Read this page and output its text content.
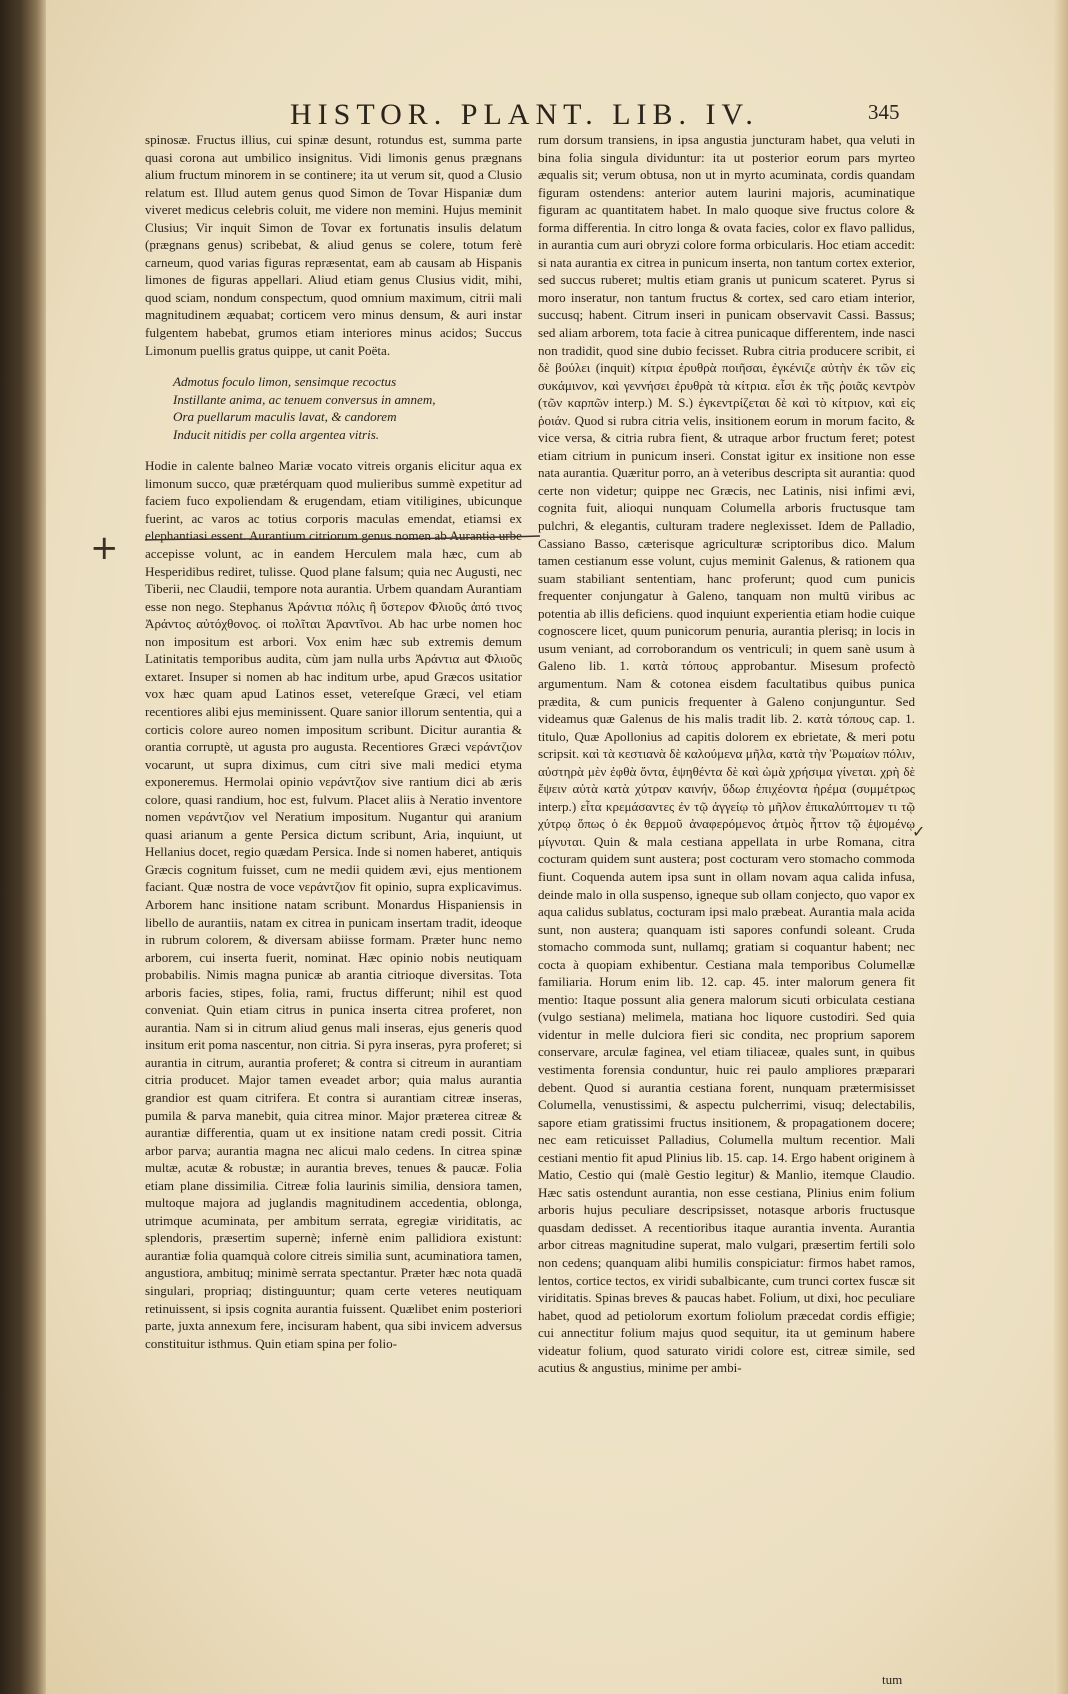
HISTOR. PLANT. LIB. IV.	345

spinosæ. Fructus illius, cui spinæ desunt, rotundus est, summa parte quasi corona aut umbilico insignitus. Vidi limonis genus prægnans alium fructum minorem in se continere; ita ut verum sit, quod a Clusio relatum est. Illud autem genus quod Simon de Tovar Hispaniæ dum viveret medicus celebris coluit, me videre non memini. Hujus meminit Clusius; Vir inquit Simon de Tovar ex fortunatis insulis delatum (prægnans genus) scribebat, & aliud genus se colere, totum ferè carneum, quod varias figuras repræsentat, eam ab causam ab Hispanis limones de figuras appellari. Aliud etiam genus Clusius vidit, mihi, quod sciam, nondum conspectum, quod omnium maximum, citrii mali magnitudinem æquabat; corticem vero minus densum, & auri instar fulgentem habebat, grumos etiam interiores minus acidos; Succus Limonum puellis gratus quippe, ut canit Poëta.

Admotus foculo limon, sensimque recoctus
Instillante anima, ac tenuem conversus in amnem,
Ora puellarum maculis lavat, & candorem
Inducit nitidis per colla argentea vitris.

Hodie in calente balneo Mariæ vocato vitreis organis elicitur aqua ex limonum succo, quæ prætérquam quod mulieribus summè expetitur ad faciem fuco expoliendam & erugendam, etiam vitiligines, ubicunque fuerint, ac varos ac totius corporis maculas emendat, etiamsi ex elephantiasi essent. Aurantium citriorum genus nomen ab Aurantia urbe accepisse volunt, ac in eandem Herculem mala hæc, cum ab Hesperidibus rediret, tulisse. Quod plane falsum; quia nec Augusti, nec Tiberii, nec Claudii, tempore nota aurantia. Urbem quandam Aurantiam esse non nego. Stephanus Ἀράντια πόλις ἢ ὕστερον Φλιοῦς ἀπό τινος Ἀράντος αὐτόχθονος. οἱ πολῖται Ἀραντῖνοι. Ab hac urbe nomen hoc non impositum est arbori. Vox enim hæc sub extremis demum Latinitatis temporibus audita, cùm jam nulla urbs Ἀράντια aut Φλιοῦς extaret. Insuper si nomen ab hac inditum urbe, apud Græcos usitatior vox hæc quam apud Latinos esset, vetereſque Græci, vel etiam recentiores alibi ejus meminissent. Quare sanior illorum sententia, qui a corticis colore aureo nomen impositum scribunt. Dicitur aurantia & orantia corruptè, ut agusta pro augusta. Recentiores Græci νεράντζιον vocarunt, ut supra diximus, cum citri sive mali medici etyma exponeremus. Hermolai opinio νεράντζιον sive rantium dici ab æris colore, quasi randium, hoc est, fulvum. Placet aliis à Neratio inventore nomen νεράντζιον vel Neratium impositum. Nugantur qui aranium quasi arianum a gente Persica dictum scribunt, Aria, inquiunt, ut Hellanius docet, regio quædam Persica. Inde si nomen haberet, antiquis Græcis cognitum fuisset, cum ne medii quidem ævi, ejus mentionem faciant. Quæ nostra de voce νεράντζιον fit opinio, supra explicavimus. Arborem hanc insitione natam scribunt. Monardus Hispaniensis in libello de aurantiis, natam ex citrea in punicam insertam tradit, ideoque in rubrum colorem, & diversam abiisse formam. Præter hunc nemo arborem, cui inserta fuerit, nominat. Hæc opinio nobis neutiquam probabilis. Nimis magna punicæ ab arantia citrioque diversitas. Tota arboris facies, stipes, folia, rami, fructus differunt; nihil est quod conveniat. Quin etiam citrus in punica inserta citrea proferet, non aurantia. Nam si in citrum aliud genus mali inseras, ejus generis quod insitum erit poma nascentur, non citria. Si pyra inseras, pyra proferet; si aurantia in citrum, aurantia proferet; & contra si citreum in aurantiam citria producet. Major tamen eveadet arbor; quia malus aurantia grandior est quam citrifera. Et contra si aurantiam citreæ inseras, pumila & parva manebit, quia citrea minor. Major præterea citreæ & aurantiæ differentia, quam ut ex insitione natam credi possit. Citria arbor parva; aurantia magna nec alicui malo cedens. In citrea spinæ multæ, acutæ & robustæ; in aurantia breves, tenues & paucæ. Folia etiam plane dissimilia. Citreæ folia laurinis similia, densiora tamen, multoque majora ad juglandis magnitudinem accedentia, oblonga, utrimque acuminata, per ambitum serrata, egregiæ viriditatis, ac splendoris, præsertim supernè; infernè enim pallidiora existunt: aurantiæ folia quamquà colore citreis similia sunt, acuminatiora tamen, angustiora, ambituq; minimè serrata spectantur. Præter hæc nota quadā singulari, propriaq; distinguuntur; quam certe veteres neutiquam retinuissent, si ipsis cognita aurantia fuissent. Quælibet enim posteriori parte, juxta annexum fere, incisuram habent, qua sibi invicem adversus constituitur isthmus. Quin etiam spina per folio-

rum dorsum transiens, in ipsa angustia juncturam habet, qua veluti in bina folia singula dividuntur: ita ut posterior eorum pars myrteo æqualis sit; verum obtusa, non ut in myrto acuminata, cordis quandam figuram ostendens: anterior autem laurini majoris, acuminatique figuram ac quantitatem habet. In malo quoque sive fructus colore & forma differentia. In citro longa & ovata facies, color ex flavo pallidus, in aurantia cum auri obryzi colore forma orbicularis. Hoc etiam accedit: si nata aurantia ex citrea in punicum inserta, non tantum cortex exterior, sed succus ruberet; multis etiam granis ut punicum scateret. Pyrus si moro inseratur, non tantum fructus & cortex, sed caro etiam interior, succusq; habent. Citrum inseri in punicam observavit Cassi. Bassus; sed aliam arborem, tota facie à citrea punicaque differentem, inde nasci non tradidit, quod sine dubio fecisset. Rubra citria producere scribit, εἰ δὲ βούλει (inquit) κίτρια ἐρυθρὰ ποιῆσαι, ἐγκένιζε αὐτὴν ἐκ τῶν εἰς συκάμινον, καὶ γεννήσει ἐρυθρὰ τὰ κίτρια. εἶσι ἐκ τῆς ῥοιᾶς κεντρὸν (τῶν καρπῶν interp.) M. S.) ἐγκεντρίζεται δὲ καὶ τὸ κίτριον, καὶ εἰς ῥοιάν. Quod si rubra citria velis, insitionem eorum in morum facito, & vice versa, & citria rubra fient, & utraque arbor fructum feret; potest etiam citrium in punicum inseri. Constat igitur ex insitione non esse nata aurantia. Quæritur porro, an à veteribus descripta sit aurantia: quod certe non videtur; quippe nec Græcis, nec Latinis, nisi infimi ævi, cognita fuit, alioqui nunquam Columella arboris fructusque tam pulchri, & elegantis, culturam tradere neglexisset. Idem de Palladio, Cassiano Basso, cæterisque agriculturæ scriptoribus dico. Malum tamen cestianum esse volunt, cujus meminit Galenus, & rationem qua suam stabiliant sententiam, hanc proferunt; quod cum punicis frequenter conjungatur à Galeno, tanquam non multū viribus ac potentia ab illis deficiens. quod inquiunt experientia etiam hodie cuique cognoscere licet, quum punicorum penuria, aurantia plerisq; in locis in usum veniant, ad corroborandum os ventriculi; in quem sanè usum à Galeno lib. 1. κατὰ τόπους approbantur. Misesum profectò argumentum. Nam & cotonea eisdem facultatibus quibus punica prædita, & cum punicis frequenter à Galeno conjunguntur. Sed videamus quæ Galenus de his malis tradit lib. 2. κατὰ τόπους cap. 1. titulo, Quæ Apollonius ad capitis dolorem ex ebrietate, & meri potu scripsit. καὶ τὰ κεστιανὰ δὲ καλούμενα μῆλα, κατὰ τὴν Ῥωμαίων πόλιν, αὐστηρὰ μὲν ἐφθὰ ὄντα, ἑψηθέντα δὲ καὶ ὠμὰ χρήσιμα γίνεται. χρὴ δὲ ἕψειν αὐτὰ κατὰ χύτραν καινήν, ὕδωρ ἐπιχέοντα ἠρέμα (συμμέτρως interp.) εἶτα κρεμάσαντες ἐν τῷ ἀγγείῳ τὸ μῆλον ἐπικαλύπτομεν τι τῷ χύτρῳ ὅπως ὁ ἐκ θερμοῦ ἀναφερόμενος ἀτμὸς ἧττον τῷ ἑψομένῳ μίγνυται. Quin & mala cestiana appellata in urbe Romana, citra cocturam quidem sunt austera; post cocturam vero stomacho commoda fiunt. Coquenda autem ipsa sunt in ollam novam aqua calida infusa, deinde malo in olla suspenso, igneque sub ollam conjecto, quo vapor ex aqua calidus sublatus, cocturam ipsi malo præbeat. Aurantia mala acida sunt, non austera; quanquam isti sapores confundi soleant. Cruda stomacho commoda sunt, nullamq; gratiam si coquantur habent; nec cocta à quopiam exhibentur. Cestiana mala temporibus Columellæ familiaria. Horum enim lib. 12. cap. 45. inter malorum genera fit mentio: Itaque possunt alia genera malorum sicuti orbiculata cestiana (vulgo sestiana) melimela, matiana hoc liquore custodiri. Sed quia videntur in melle dulciora fieri sic condita, nec proprium saporem conservare, arculæ faginea, vel etiam tiliaceæ, quales sunt, in quibus vestimenta forensia conduntur, huic rei paulo ampliores præparari debent. Quod si aurantia cestiana forent, nunquam prætermisisset Columella, venustissimi, & aspectu pulcherrimi, visuq; delectabilis, sapore etiam gratissimi fructus insitionem, & propagationem docere; nec eam reticuisset Palladius, Columella multum recentior. Mali cestiani mentio fit apud Plinius lib. 15. cap. 14. Ergo habent originem à Matio, Cestio qui (malè Gestio legitur) & Manlio, itemque Claudio. Hæc satis ostendunt aurantia, non esse cestiana, Plinius enim folium arboris hujus peculiare descripsisset, notasque arboris fructusque quasdam dedisset. A recentioribus itaque aurantia inventa. Aurantia arbor citreas magnitudine superat, malo vulgari, præsertim fertili solo non cedens; quanquam alibi humilis conspiciatur: firmos habet ramos, lentos, cortice tectos, ex viridi subalbicante, cum trunci cortex fuscæ sit viriditatis. Spinas breves & paucas habet. Folium, ut dixi, hoc peculiare habet, quod ad petiolorum exortum foliolum præcedat cordis effigie; cui annectitur folium majus quod sequitur, ita ut geminum habere videatur folium, quod saturato viridi colore est, citreæ simile, sed acutius & angustius, minime per ambi-

tum
+
✓
